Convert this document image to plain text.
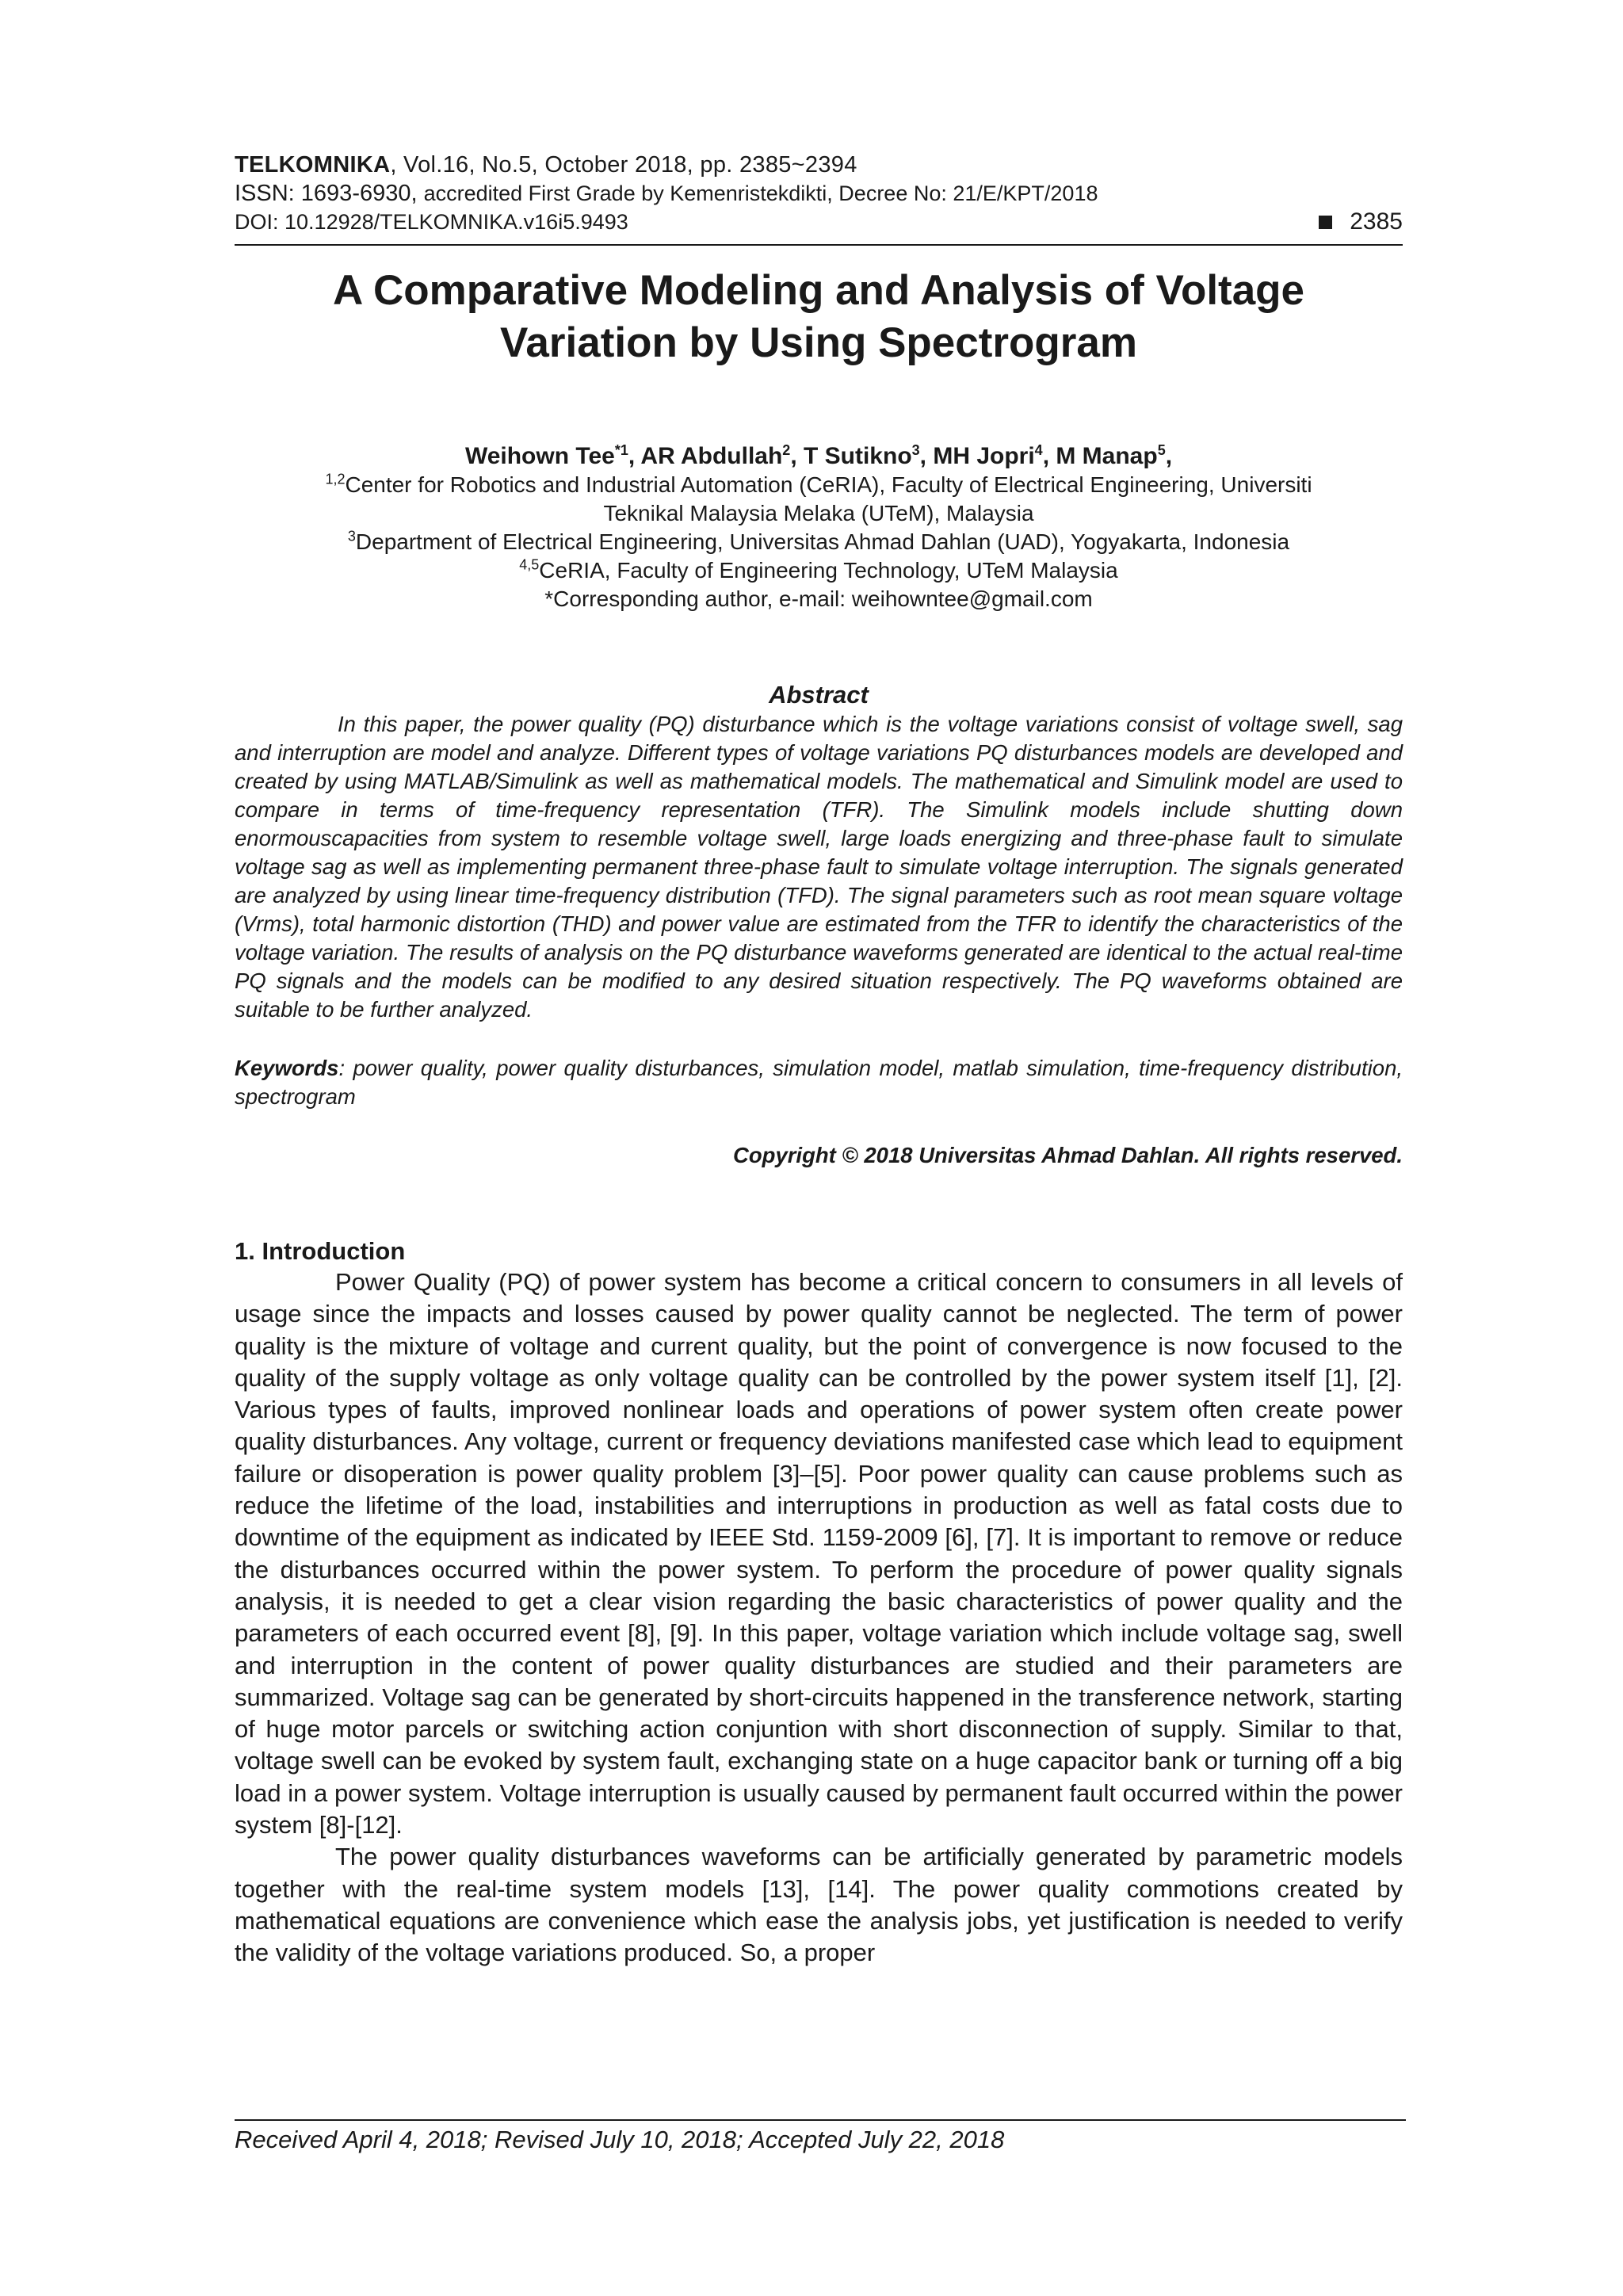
TELKOMNIKA, Vol.16, No.5, October 2018, pp. 2385~2394
ISSN: 1693-6930, accredited First Grade by Kemenristekdikti, Decree No: 21/E/KPT/2018
DOI: 10.12928/TELKOMNIKA.v16i5.9493	2385
A Comparative Modeling and Analysis of Voltage Variation by Using Spectrogram
Weihown Tee$^{*1}$, AR Abdullah$^2$, T Sutikno$^3$, MH Jopri$^4$, M Manap$^5$,
$^{1,2}$Center for Robotics and Industrial Automation (CeRIA), Faculty of Electrical Engineering, Universiti
Teknikal Malaysia Melaka (UTeM), Malaysia
$^3$Department of Electrical Engineering, Universitas Ahmad Dahlan (UAD), Yogyakarta, Indonesia
$^{4,5}$CeRIA, Faculty of Engineering Technology, UTeM Malaysia
*Corresponding author, e-mail: weihowntee@gmail.com
Abstract
In this paper, the power quality (PQ) disturbance which is the voltage variations consist of voltage swell, sag and interruption are model and analyze. Different types of voltage variations PQ disturbances models are developed and created by using MATLAB/Simulink as well as mathematical models. The mathematical and Simulink model are used to compare in terms of time-frequency representation (TFR). The Simulink models include shutting down enormouscapacities from system to resemble voltage swell, large loads energizing and three-phase fault to simulate voltage sag as well as implementing permanent three-phase fault to simulate voltage interruption. The signals generated are analyzed by using linear time-frequency distribution (TFD). The signal parameters such as root mean square voltage (Vrms), total harmonic distortion (THD) and power value are estimated from the TFR to identify the characteristics of the voltage variation. The results of analysis on the PQ disturbance waveforms generated are identical to the actual real-time PQ signals and the models can be modified to any desired situation respectively. The PQ waveforms obtained are suitable to be further analyzed.
Keywords: power quality, power quality disturbances, simulation model, matlab simulation, time-frequency distribution, spectrogram
Copyright © 2018 Universitas Ahmad Dahlan. All rights reserved.
1. Introduction
Power Quality (PQ) of power system has become a critical concern to consumers in all levels of usage since the impacts and losses caused by power quality cannot be neglected. The term of power quality is the mixture of voltage and current quality, but the point of convergence is now focused to the quality of the supply voltage as only voltage quality can be controlled by the power system itself [1], [2]. Various types of faults, improved nonlinear loads and operations of power system often create power quality disturbances. Any voltage, current or frequency deviations manifested case which lead to equipment failure or disoperation is power quality problem [3]–[5]. Poor power quality can cause problems such as reduce the lifetime of the load, instabilities and interruptions in production as well as fatal costs due to downtime of the equipment as indicated by IEEE Std. 1159-2009 [6], [7]. It is important to remove or reduce the disturbances occurred within the power system. To perform the procedure of power quality signals analysis, it is needed to get a clear vision regarding the basic characteristics of power quality and the parameters of each occurred event [8], [9]. In this paper, voltage variation which include voltage sag, swell and interruption in the content of power quality disturbances are studied and their parameters are summarized. Voltage sag can be generated by short-circuits happened in the transference network, starting of huge motor parcels or switching action conjuntion with short disconnection of supply. Similar to that, voltage swell can be evoked by system fault, exchanging state on a huge capacitor bank or turning off a big load in a power system. Voltage interruption is usually caused by permanent fault occurred within the power system [8]-[12].
The power quality disturbances waveforms can be artificially generated by parametric models together with the real-time system models [13], [14]. The power quality commotions created by mathematical equations are convenience which ease the analysis jobs, yet justification is needed to verify the validity of the voltage variations produced. So, a proper
Received April 4, 2018; Revised July 10, 2018; Accepted July 22, 2018
